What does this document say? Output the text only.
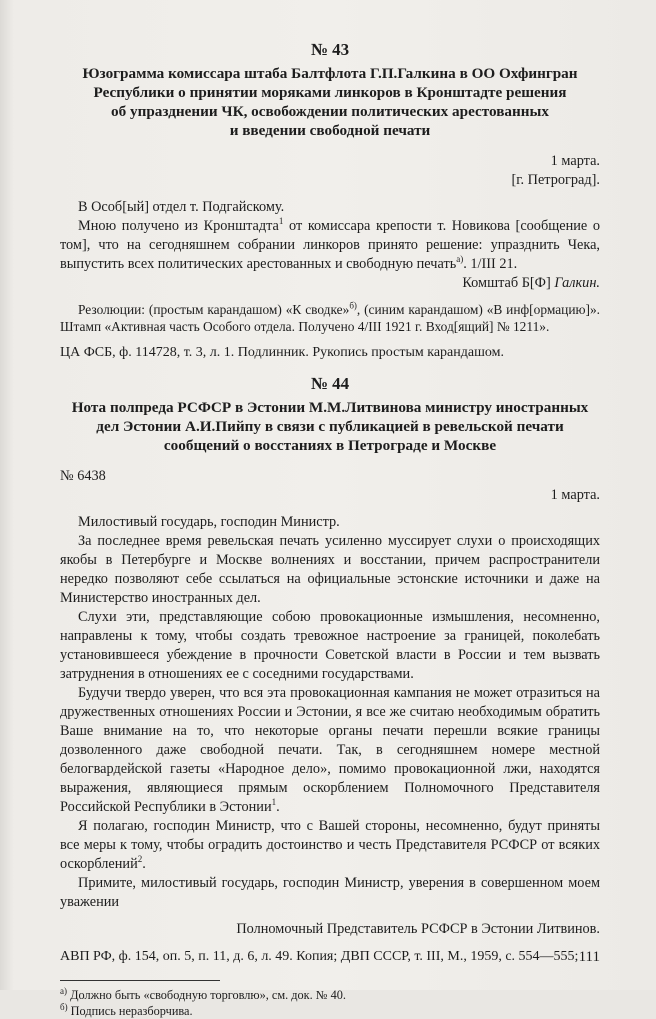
№ 43
Юзограмма комиссара штаба Балтфлота Г.П.Галкина в ОО Охфингран
Республики о принятии моряками линкоров в Кронштадте решения
об упразднении ЧК, освобождении политических арестованных
и введении свободной печати
1 марта.
[г. Петроград].

В Особ[ый] отдел т. Подгайскому.

Мною получено из Кронштадта$^1$ от комиссара крепости т. Новикова [сообщение о том], что на сегодняшнем собрании линкоров принято решение: упразднить Чека, выпустить всех политических арестованных и свободную печать$^{а)}$. 1/III 21.

Комштаб Б[Ф] Галкин.

Резолюции: (простым карандашом) «К сводке»$^{б)}$, (синим карандашом) «В инф[ормацию]». Штамп «Активная часть Особого отдела. Получено 4/III 1921 г. Вход[ящий] № 1211».

ЦА ФСБ, ф. 114728, т. 3, л. 1. Подлинник. Рукопись простым карандашом.

№ 44
Нота полпреда РСФСР в Эстонии М.М.Литвинова министру иностранных
дел Эстонии А.И.Пийпу в связи с публикацией в ревельской печати
сообщений о восстаниях в Петрограде и Москве

№ 6438

1 марта.

Милостивый государь, господин Министр.

За последнее время ревельская печать усиленно муссирует слухи о происходящих якобы в Петербурге и Москве волнениях и восстании, причем распространители нередко позволяют себе ссылаться на официальные эстонские источники и даже на Министерство иностранных дел.

Слухи эти, представляющие собою провокационные измышления, несомненно, направлены к тому, чтобы создать тревожное настроение за границей, поколебать установившееся убеждение в прочности Советской власти в России и тем вызвать затруднения в отношениях ее с соседними государствами.

Будучи твердо уверен, что вся эта провокационная кампания не может отразиться на дружественных отношениях России и Эстонии, я все же считаю необходимым обратить Ваше внимание на то, что некоторые органы печати перешли всякие границы дозволенного даже свободной печати. Так, в сегодняшнем номере местной белогвардейской газеты «Народное дело», помимо провокационной лжи, находятся выражения, являющиеся прямым оскорблением Полномочного Представителя Российской Республики в Эстонии$^1$.

Я полагаю, господин Министр, что с Вашей стороны, несомненно, будут приняты все меры к тому, чтобы оградить достоинство и честь Представителя РСФСР от всяких оскорблений$^2$.

Примите, милостивый государь, господин Министр, уверения в совершенном моем уважении

Полномочный Представитель РСФСР в Эстонии Литвинов.

АВП РФ, ф. 154, оп. 5, п. 11, д. 6, л. 49. Копия; ДВП СССР, т. III, М., 1959, с. 554—555;

$^{а)}$ Должно быть «свободную торговлю», см. док. № 40.

$^{б)}$ Подпись неразборчива.

111
